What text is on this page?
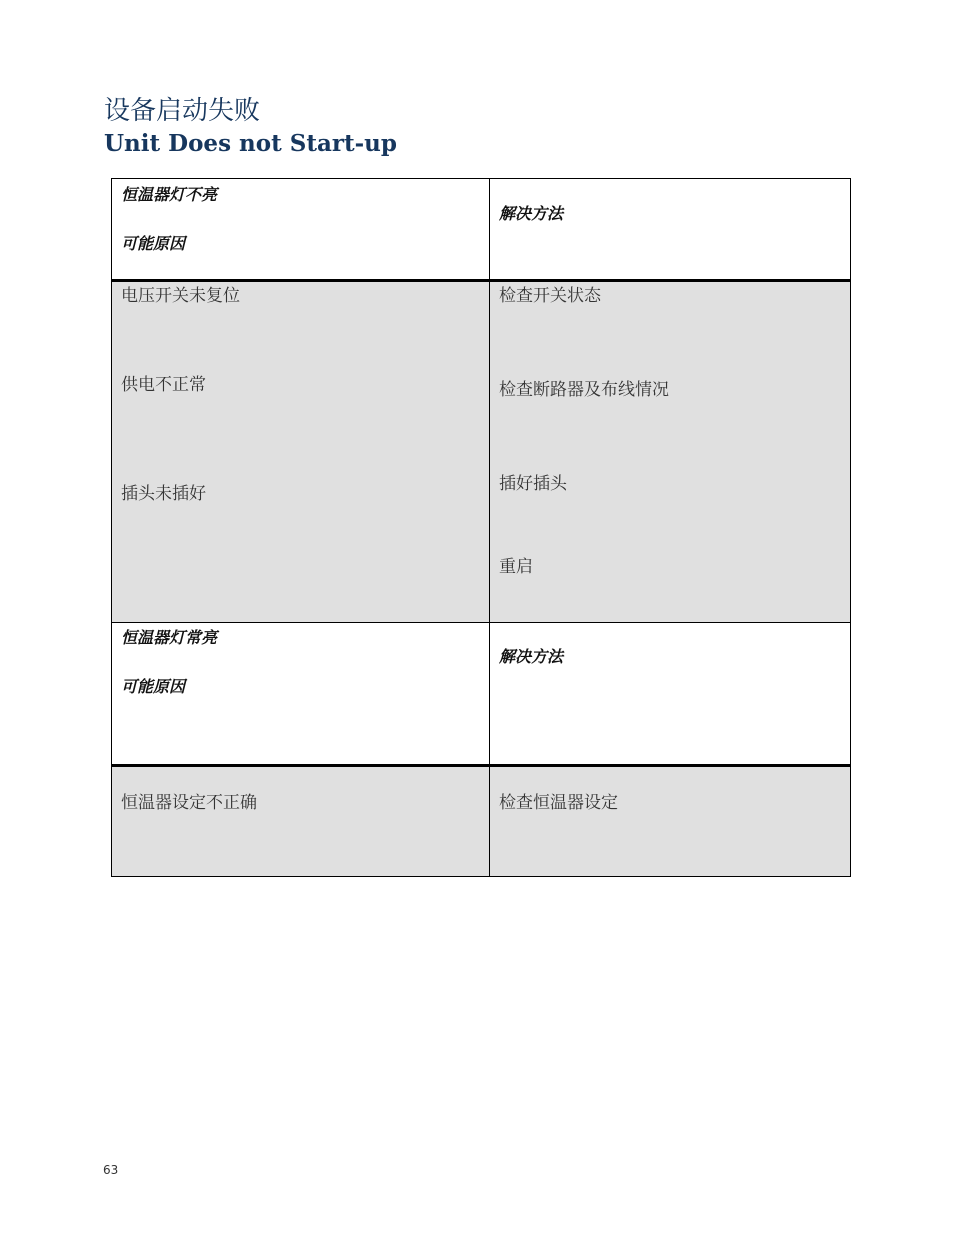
设备启动失败
Unit Does not Start-up
恒温器灯不亮
可能原因
解决方法
电压开关未复位
供电不正常
插头未插好
检查开关状态
检查断路器及布线情况
插好插头
重启
恒温器灯常亮
可能原因
解决方法
恒温器设定不正确	检查恒温器设定
63
